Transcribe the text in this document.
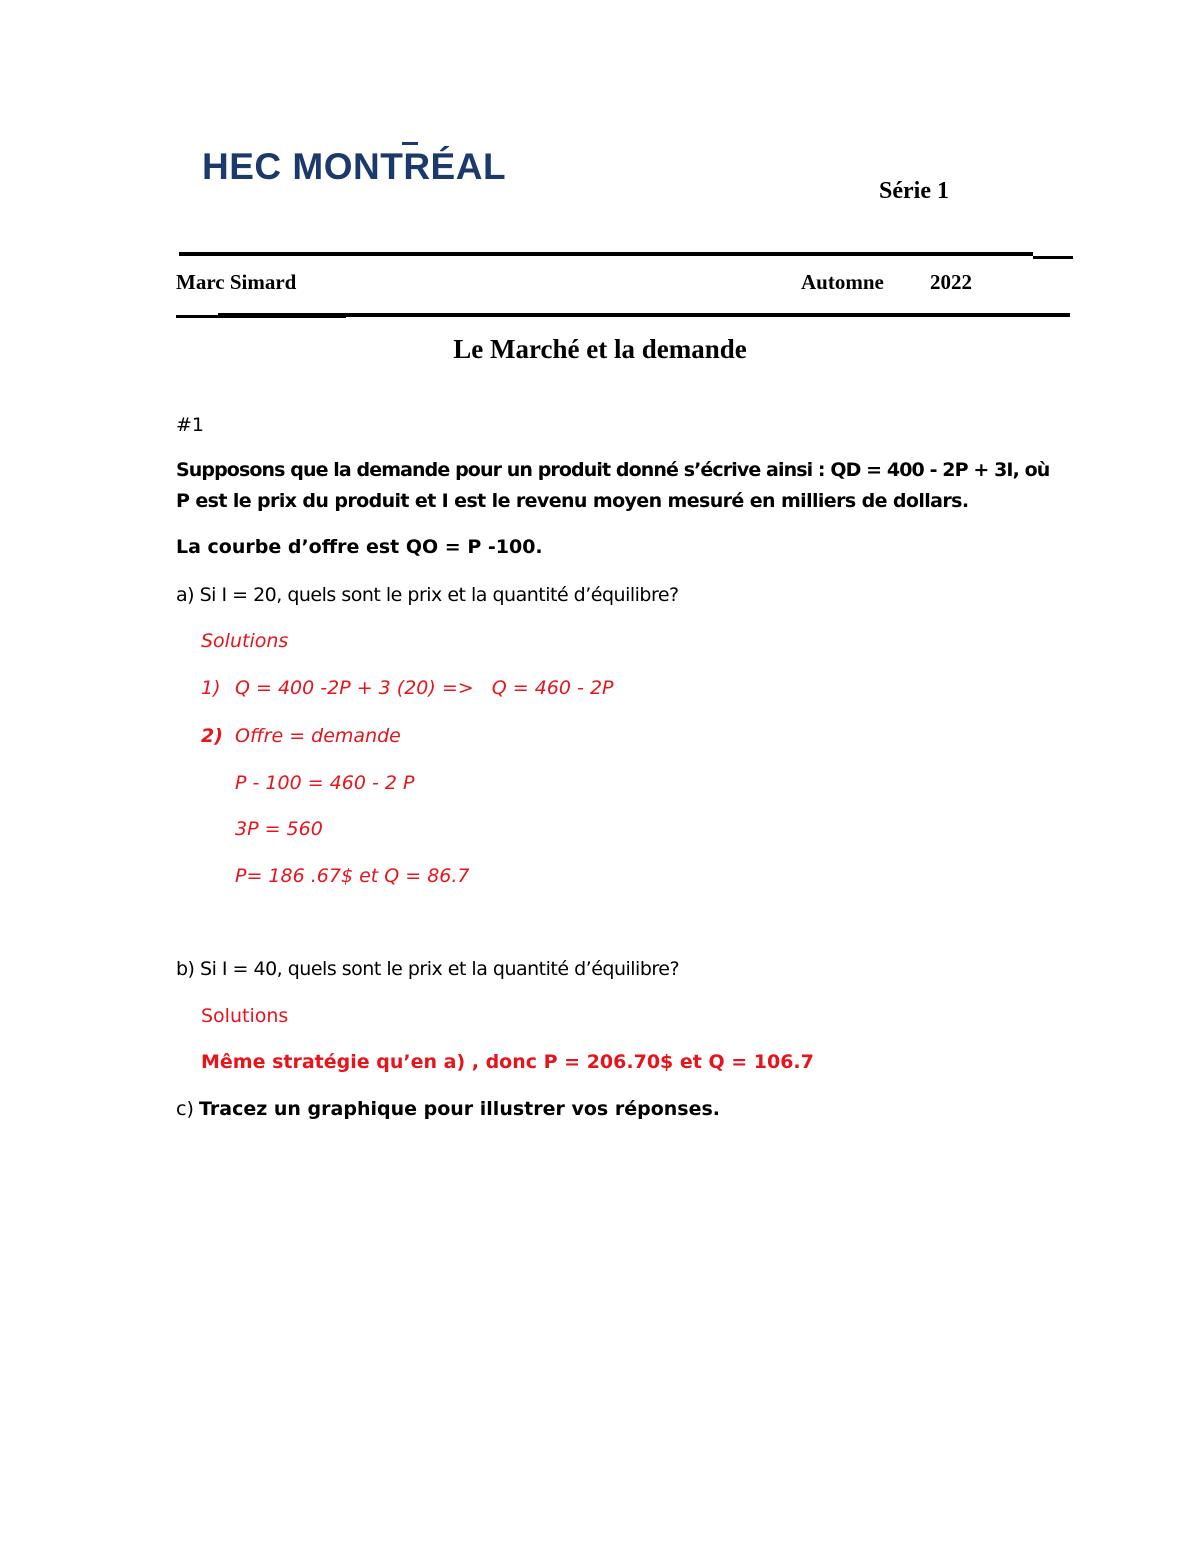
HEC MONTRÉAL
Série 1
Marc Simard	Automne 2022
Le Marché et la demande
#1
Supposons que la demande pour un produit donné s’écrive ainsi : QD = 400 - 2P + 3I, où
P est le prix du produit et I est le revenu moyen mesuré en milliers de dollars.
La courbe d’offre est QO = P -100.
a) Si I = 20, quels sont le prix et la quantité d’équilibre?
Solutions
1) Q = 400 -2P + 3 (20) =>   Q = 460 - 2P
2) Offre = demande
P - 100 = 460 - 2 P
3P = 560
P= 186 .67$ et Q = 86.7
b) Si I = 40, quels sont le prix et la quantité d’équilibre?
Solutions
Même stratégie qu’en a) , donc P = 206.70$ et Q = 106.7
c) Tracez un graphique pour illustrer vos réponses.
